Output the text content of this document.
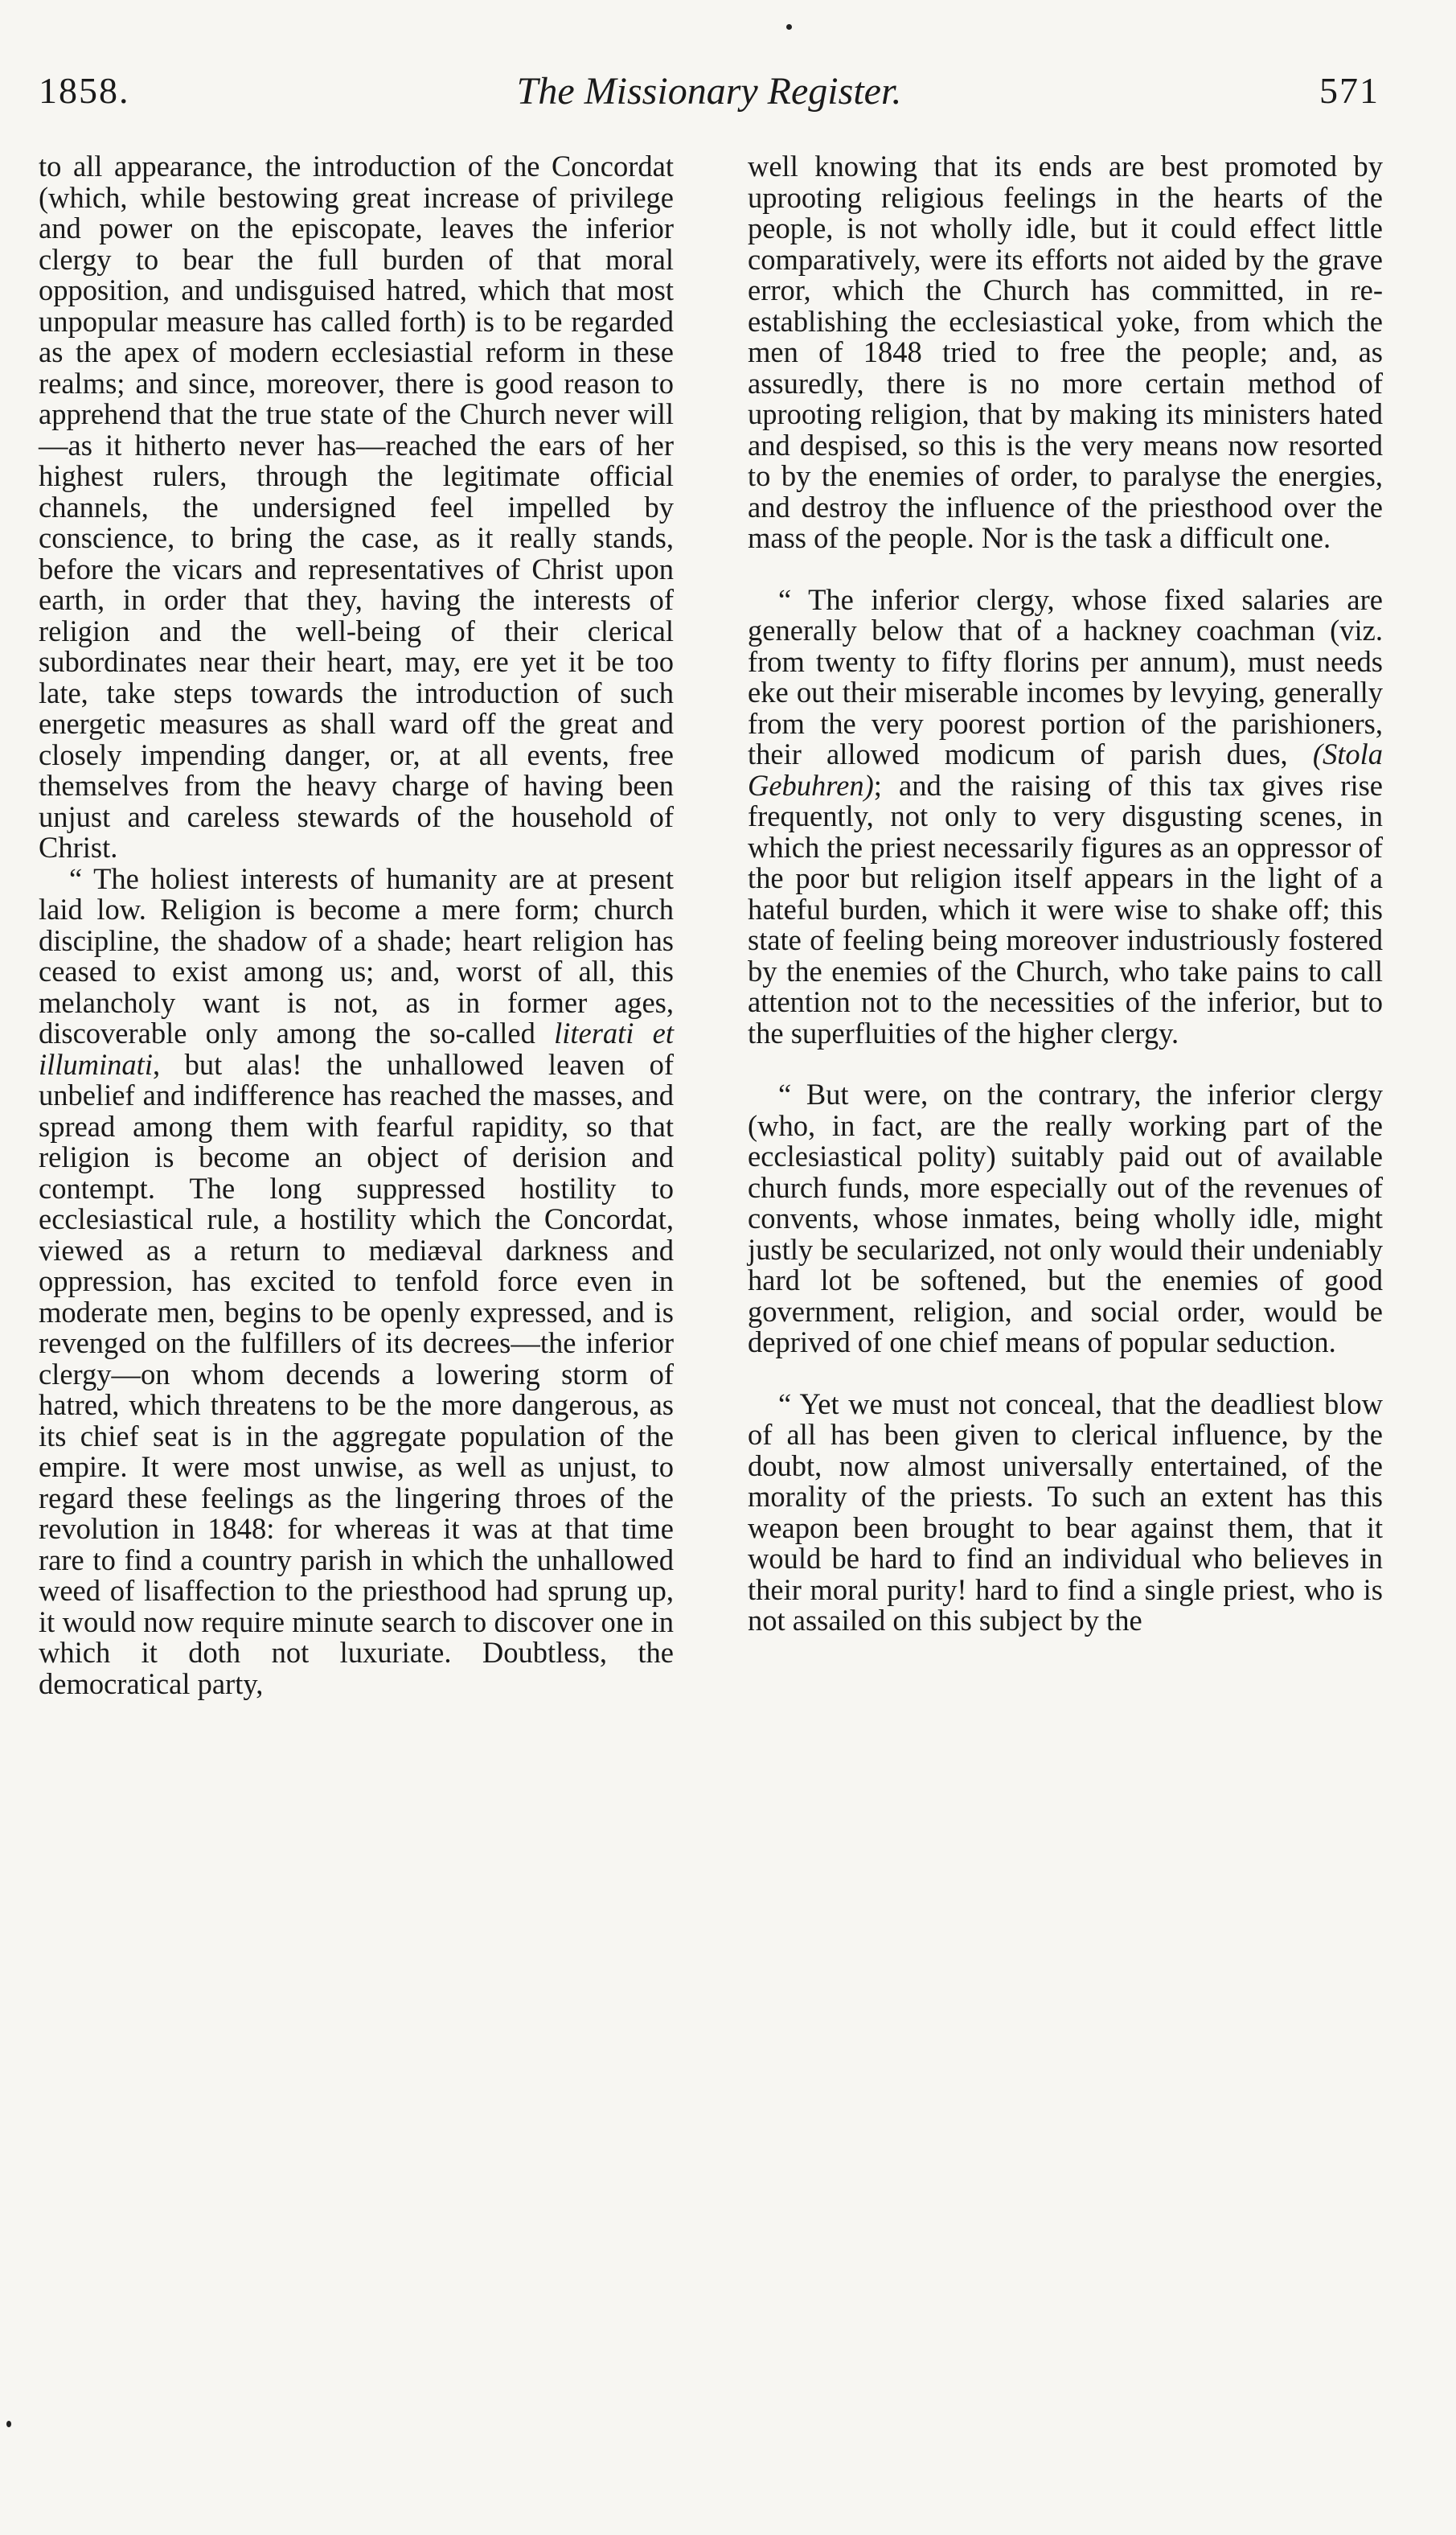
1858.	The Missionary Register.	571

to all appearance, the introduction of the Concordat (which, while bestowing great increase of privilege and power on the episcopate, leaves the inferior clergy to bear the full burden of that moral opposition, and undisguised hatred, which that most unpopular measure has called forth) is to be regarded as the apex of modern ecclesiastial reform in these realms; and since, moreover, there is good reason to apprehend that the true state of the Church never will—as it hitherto never has—reached the ears of her highest rulers, through the legitimate official channels, the undersigned feel impelled by conscience, to bring the case, as it really stands, before the vicars and representatives of Christ upon earth, in order that they, having the interests of religion and the well-being of their clerical subordinates near their heart, may, ere yet it be too late, take steps towards the introduction of such energetic measures as shall ward off the great and closely impending danger, or, at all events, free themselves from the heavy charge of having been unjust and careless stewards of the household of Christ.

“ The holiest interests of humanity are at present laid low. Religion is become a mere form; church discipline, the shadow of a shade; heart religion has ceased to exist among us; and, worst of all, this melancholy want is not, as in former ages, discoverable only among the so-called literati et illuminati, but alas! the unhallowed leaven of unbelief and indifference has reached the masses, and spread among them with fearful rapidity, so that religion is become an object of derision and contempt. The long suppressed hostility to ecclesiastical rule, a hostility which the Concordat, viewed as a return to mediæval darkness and oppression, has excited to tenfold force even in moderate men, begins to be openly expressed, and is revenged on the fulfillers of its decrees—the inferior clergy—on whom decends a lowering storm of hatred, which threatens to be the more dangerous, as its chief seat is in the aggregate population of the empire. It were most unwise, as well as unjust, to regard these feelings as the lingering throes of the revolution in 1848: for whereas it was at that time rare to find a country parish in which the unhallowed weed of lisaffection to the priesthood had sprung up, it would now require minute search to discover one in which it doth not luxuriate. Doubtless, the democratical party,

well knowing that its ends are best promoted by uprooting religious feelings in the hearts of the people, is not wholly idle, but it could effect little comparatively, were its efforts not aided by the grave error, which the Church has committed, in re-establishing the ecclesiastical yoke, from which the men of 1848 tried to free the people; and, as assuredly, there is no more certain method of uprooting religion, that by making its ministers hated and despised, so this is the very means now resorted to by the enemies of order, to paralyse the energies, and destroy the influence of the priesthood over the mass of the people. Nor is the task a difficult one.

“ The inferior clergy, whose fixed salaries are generally below that of a hackney coachman (viz. from twenty to fifty florins per annum), must needs eke out their miserable incomes by levying, generally from the very poorest portion of the parishioners, their allowed modicum of parish dues, (Stola Gebuhren); and the raising of this tax gives rise frequently, not only to very disgusting scenes, in which the priest necessarily figures as an oppressor of the poor but religion itself appears in the light of a hateful burden, which it were wise to shake off; this state of feeling being moreover industriously fostered by the enemies of the Church, who take pains to call attention not to the necessities of the inferior, but to the superfluities of the higher clergy.

“ But were, on the contrary, the inferior clergy (who, in fact, are the really working part of the ecclesiastical polity) suitably paid out of available church funds, more especially out of the revenues of convents, whose inmates, being wholly idle, might justly be secularized, not only would their undeniably hard lot be softened, but the enemies of good government, religion, and social order, would be deprived of one chief means of popular seduction.

“ Yet we must not conceal, that the deadliest blow of all has been given to clerical influence, by the doubt, now almost universally entertained, of the morality of the priests. To such an extent has this weapon been brought to bear against them, that it would be hard to find an individual who believes in their moral purity! hard to find a single priest, who is not assailed on this subject by the
